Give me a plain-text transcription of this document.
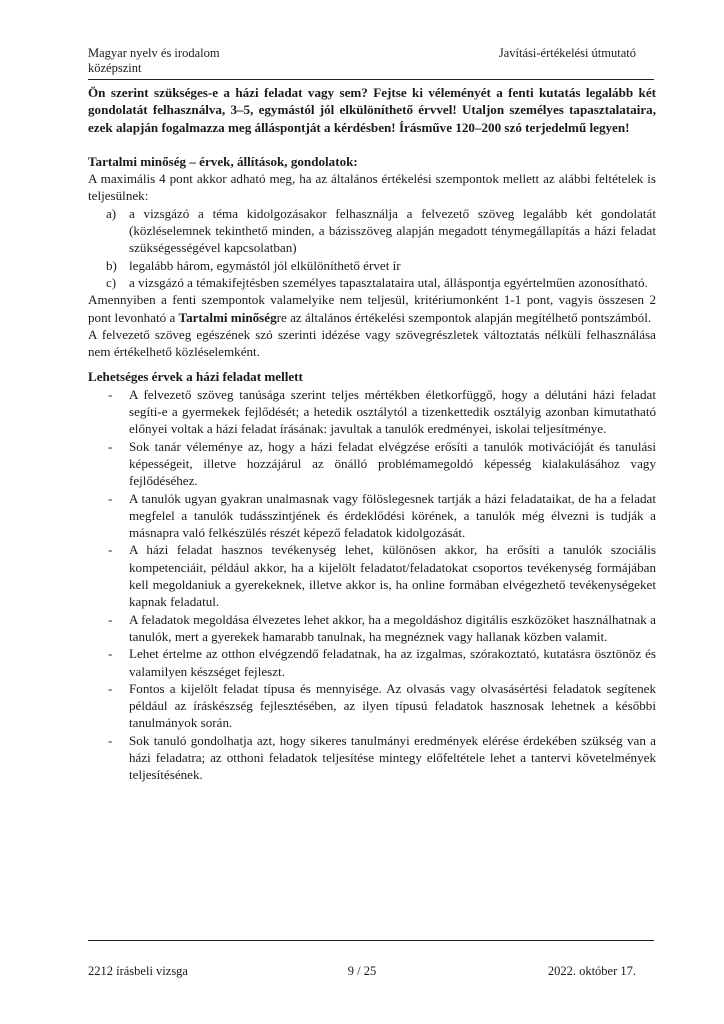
Magyar nyelv és irodalom
középszint
Javítási-értékelési útmutató

Ön szerint szükséges-e a házi feladat vagy sem? Fejtse ki véleményét a fenti kutatás legalább két gondolatát felhasználva, 3–5, egymástól jól elkülöníthető érvvel! Utaljon személyes tapasztalataira, ezek alapján fogalmazza meg álláspontját a kérdésben! Írásműve 120–200 szó terjedelmű legyen!

Tartalmi minőség – érvek, állítások, gondolatok:

A maximális 4 pont akkor adható meg, ha az általános értékelési szempontok mellett az alábbi feltételek is teljesülnek:

a) a vizsgázó a téma kidolgozásakor felhasználja a felvezető szöveg legalább két gondolatát (közléselemnek tekinthető minden, a bázisszöveg alapján megadott ténymegállapítás a házi feladat szükségességével kapcsolatban)
b) legalább három, egymástól jól elkülöníthető érvet ír
c) a vizsgázó a témakifejtésben személyes tapasztalataira utal, álláspontja egyértelműen azonosítható.

Amennyiben a fenti szempontok valamelyike nem teljesül, kritériumonként 1-1 pont, vagyis összesen 2 pont levonható a Tartalmi minőségre az általános értékelési szempontok alapján megítélhető pontszámból.

A felvezető szöveg egészének szó szerinti idézése vagy szövegrészletek változtatás nélküli felhasználása nem értékelhető közléselemként.

Lehetséges érvek a házi feladat mellett

- A felvezető szöveg tanúsága szerint teljes mértékben életkorfüggő, hogy a délutáni házi feladat segíti-e a gyermekek fejlődését; a hetedik osztálytól a tizenkettedik osztályig azonban kimutatható előnyei voltak a házi feladat írásának: javultak a tanulók eredményei, iskolai teljesítménye.
- Sok tanár véleménye az, hogy a házi feladat elvégzése erősíti a tanulók motivációját és tanulási képességeit, illetve hozzájárul az önálló problémamegoldó képesség kialakulásához vagy fejlődéséhez.
- A tanulók ugyan gyakran unalmasnak vagy fölöslegesnek tartják a házi feladataikat, de ha a feladat megfelel a tanulók tudásszintjének és érdeklődési körének, a tanulók még élvezni is tudják a másnapra való felkészülés részét képező feladatok kidolgozását.
- A házi feladat hasznos tevékenység lehet, különösen akkor, ha erősíti a tanulók szociális kompetenciáit, például akkor, ha a kijelölt feladatot/feladatokat csoportos tevékenység formájában kell megoldaniuk a gyerekeknek, illetve akkor is, ha online formában elvégezhető tevékenységeket kapnak feladatul.
- A feladatok megoldása élvezetes lehet akkor, ha a megoldáshoz digitális eszközöket használhatnak a tanulók, mert a gyerekek hamarabb tanulnak, ha megnéznek vagy hallanak közben valamit.
- Lehet értelme az otthon elvégzendő feladatnak, ha az izgalmas, szórakoztató, kutatásra ösztönöz és valamilyen készséget fejleszt.
- Fontos a kijelölt feladat típusa és mennyisége. Az olvasás vagy olvasásértési feladatok segítenek például az íráskészség fejlesztésében, az ilyen típusú feladatok hasznosak lehetnek a későbbi tanulmányok során.
- Sok tanuló gondolhatja azt, hogy sikeres tanulmányi eredmények elérése érdekében szükség van a házi feladatra; az otthoni feladatok teljesítése mintegy előfeltétele lehet a tantervi követelmények teljesítésének.
2212 írásbeli vizsga	9 / 25	2022. október 17.
